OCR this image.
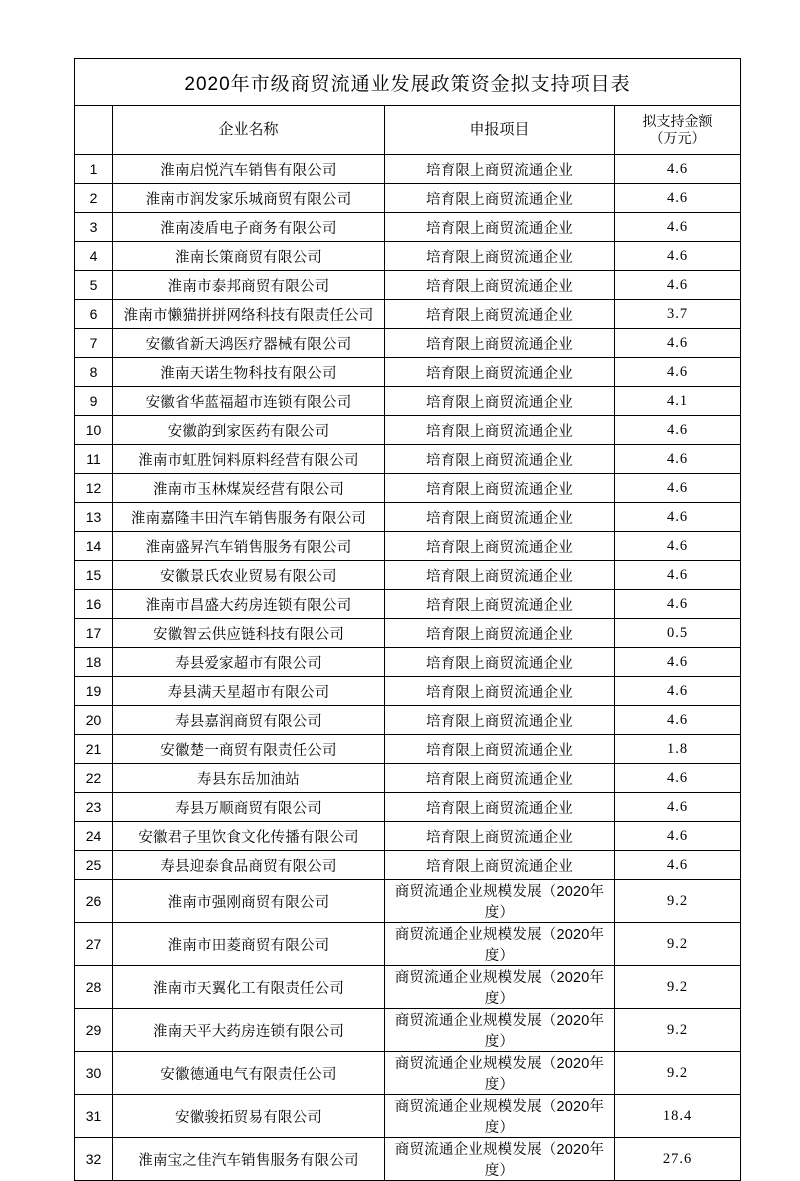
2020年市级商贸流通业发展政策资金拟支持项目表			
	企业名称	申报项目	拟支持金额
（万元）

1	淮南启悦汽车销售有限公司	培育限上商贸流通企业	4.6
2	淮南市润发家乐城商贸有限公司	培育限上商贸流通企业	4.6
3	淮南凌盾电子商务有限公司	培育限上商贸流通企业	4.6
4	淮南长策商贸有限公司	培育限上商贸流通企业	4.6
5	淮南市泰邦商贸有限公司	培育限上商贸流通企业	4.6
6	淮南市懒猫拼拼网络科技有限责任公司	培育限上商贸流通企业	3.7
7	安徽省新天鸿医疗器械有限公司	培育限上商贸流通企业	4.6
8	淮南天诺生物科技有限公司	培育限上商贸流通企业	4.6
9	安徽省华蓝福超市连锁有限公司	培育限上商贸流通企业	4.1
10	安徽韵到家医药有限公司	培育限上商贸流通企业	4.6
11	淮南市虹胜饲料原料经营有限公司	培育限上商贸流通企业	4.6
12	淮南市玉林煤炭经营有限公司	培育限上商贸流通企业	4.6
13	淮南嘉隆丰田汽车销售服务有限公司	培育限上商贸流通企业	4.6
14	淮南盛昇汽车销售服务有限公司	培育限上商贸流通企业	4.6
15	安徽景氏农业贸易有限公司	培育限上商贸流通企业	4.6
16	淮南市昌盛大药房连锁有限公司	培育限上商贸流通企业	4.6
17	安徽智云供应链科技有限公司	培育限上商贸流通企业	0.5
18	寿县爱家超市有限公司	培育限上商贸流通企业	4.6
19	寿县满天星超市有限公司	培育限上商贸流通企业	4.6
20	寿县嘉润商贸有限公司	培育限上商贸流通企业	4.6
21	安徽楚一商贸有限责任公司	培育限上商贸流通企业	1.8
22	寿县东岳加油站	培育限上商贸流通企业	4.6
23	寿县万顺商贸有限公司	培育限上商贸流通企业	4.6
24	安徽君子里饮食文化传播有限公司	培育限上商贸流通企业	4.6
25	寿县迎泰食品商贸有限公司	培育限上商贸流通企业	4.6
26	淮南市强刚商贸有限公司	商贸流通企业规模发展（2020年度）	9.2
27	淮南市田菱商贸有限公司	商贸流通企业规模发展（2020年度）	9.2
28	淮南市天翼化工有限责任公司	商贸流通企业规模发展（2020年度）	9.2
29	淮南天平大药房连锁有限公司	商贸流通企业规模发展（2020年度）	9.2
30	安徽德通电气有限责任公司	商贸流通企业规模发展（2020年度）	9.2
31	安徽骏拓贸易有限公司	商贸流通企业规模发展（2020年度）	18.4
32	淮南宝之佳汽车销售服务有限公司	商贸流通企业规模发展（2020年度）	27.6
